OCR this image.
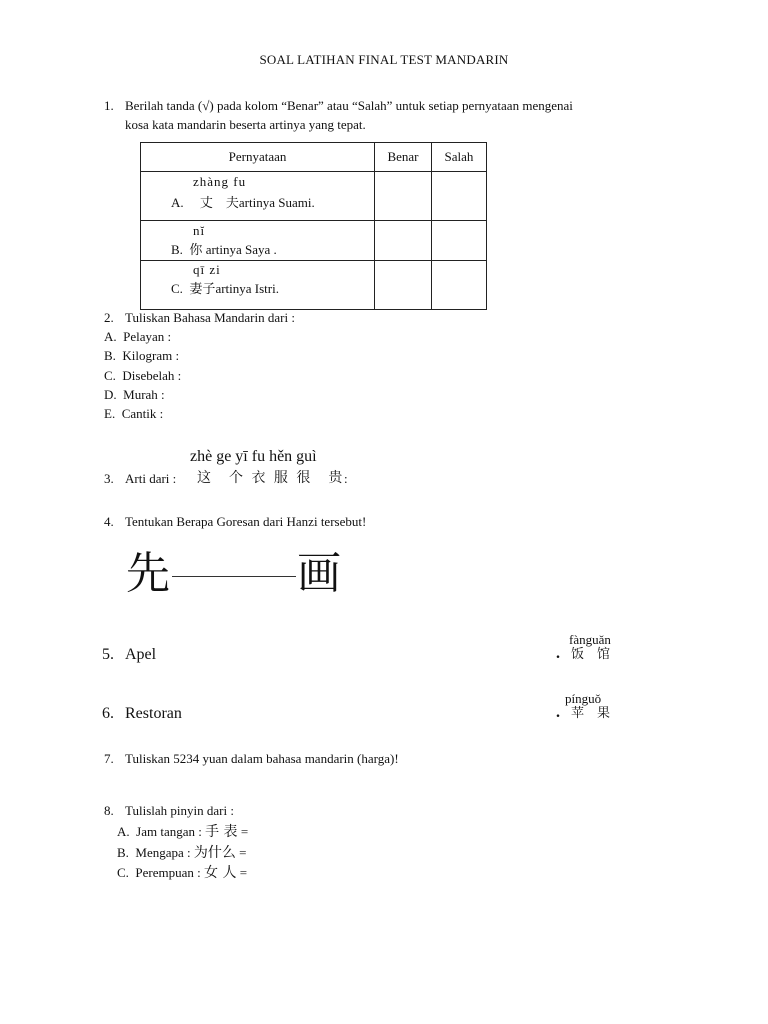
SOAL LATIHAN FINAL TEST MANDARIN
1. Berilah tanda (√) pada kolom “Benar” atau “Salah” untuk setiap pernyataan mengenai
kosa kata mandarin beserta artinya yang tepat.
Pernyataan	Benar	Salah

zhàng fu
A. 丈　夫artinya Suami.		

nĭ
B. 你 artinya Saya .		

qī zi
C. 妻子artinya Istri.		

2. Tuliskan Bahasa Mandarin dari :
A. Pelayan :
B. Kilogram :
C. Disebelah :
D. Murah :
E. Cantik :
zhè ge yī fu hěn guì
3. Arti dari : 这　个 衣 服 很　贵 :
4. Tentukan Berapa Goresan dari Hanzi tersebut!
先	画
5. Apel
fànguǎn
. 饭　馆
6. Restoran
pínguǒ
. 苹　果
7. Tuliskan 5234 yuan dalam bahasa mandarin (harga)!
8. Tulislah pinyin dari :
A. Jam tangan : 手 表 =
B. Mengapa : 为什么 =
C. Perempuan : 女 人 =
